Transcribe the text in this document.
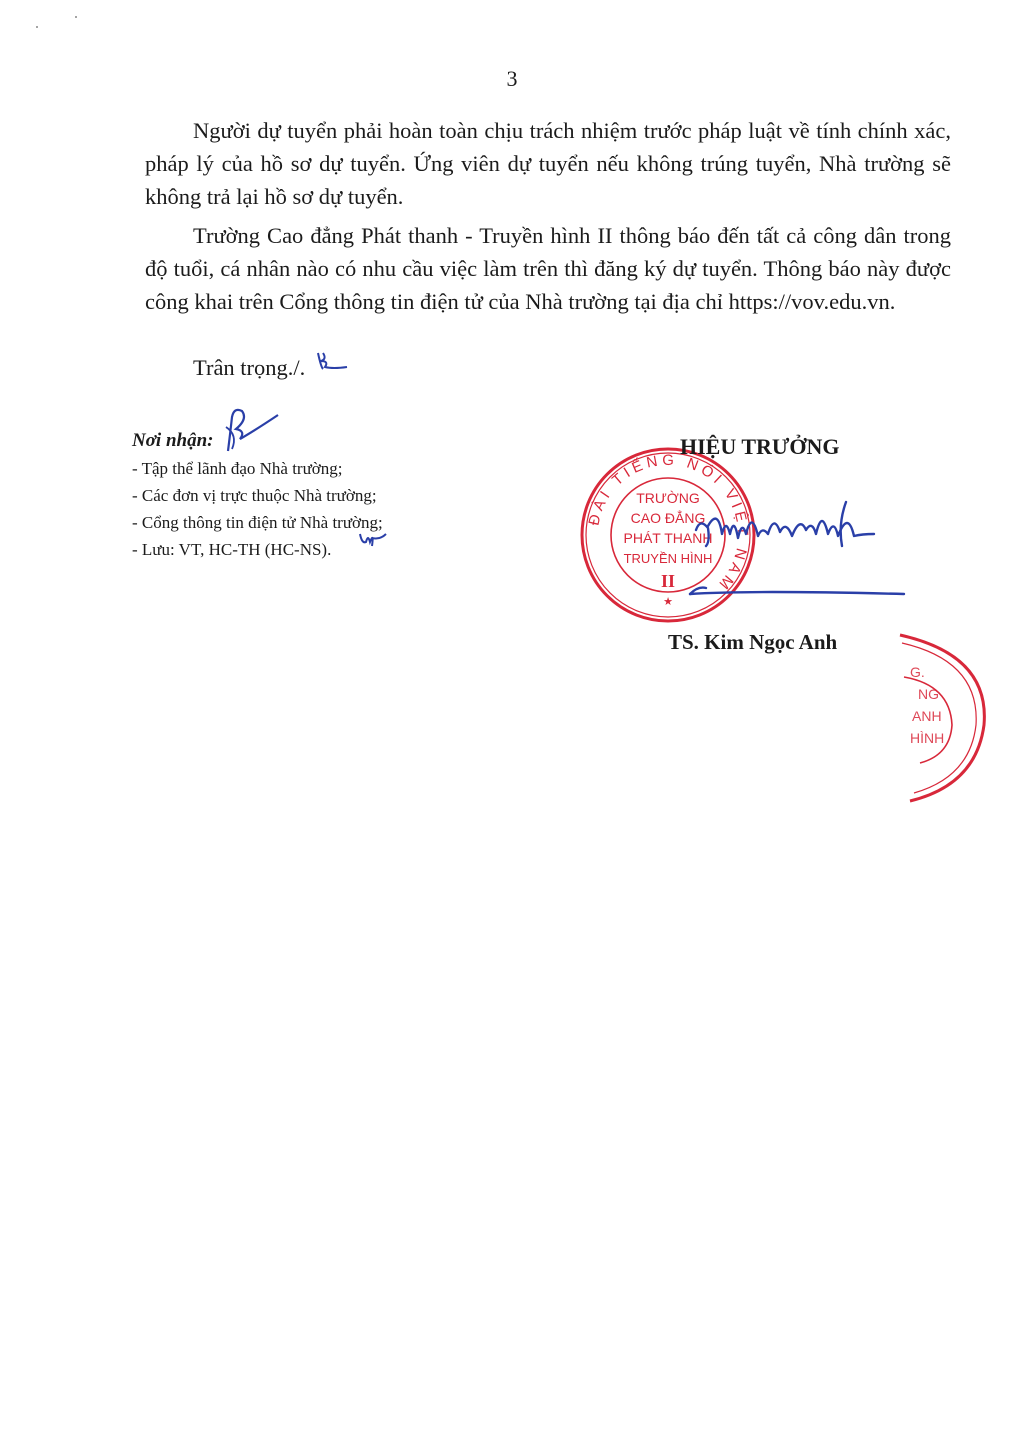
3

Người dự tuyển phải hoàn toàn chịu trách nhiệm trước pháp luật về tính chính xác, pháp lý của hồ sơ dự tuyển. Ứng viên dự tuyển nếu không trúng tuyển, Nhà trường sẽ không trả lại hồ sơ dự tuyển.

Trường Cao đẳng Phát thanh - Truyền hình II thông báo đến tất cả công dân trong độ tuổi, cá nhân nào có nhu cầu việc làm trên thì đăng ký dự tuyển. Thông báo này được công khai trên Cổng thông tin điện tử của Nhà trường tại địa chỉ https://vov.edu.vn.

Trân trọng./.
Nơi nhận:
- Tập thể lãnh đạo Nhà trường;
- Các đơn vị trực thuộc Nhà trường;
- Cổng thông tin điện tử Nhà trường;
- Lưu: VT, HC-TH (HC-NS).
ĐÀI TIẾNG NÓI VIỆT NAM
TRƯỜNG
CAO ĐẲNG
PHÁT THANH
TRUYỀN HÌNH
II
★
HIỆU TRƯỞNG
TS. Kim Ngọc Anh
G.
NG
ANH
HÌNH
